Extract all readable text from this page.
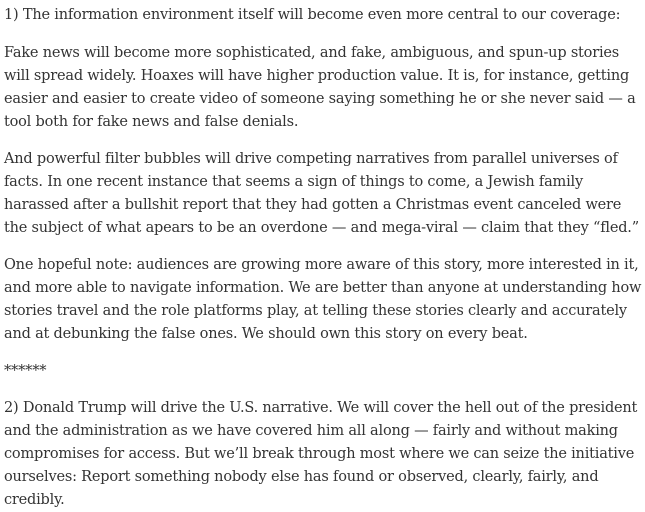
1) The information environment itself will become even more central to our coverage:

Fake news will become more sophisticated, and fake, ambiguous, and spun-up stories will spread widely. Hoaxes will have higher production value. It is, for instance, getting easier and easier to create video of someone saying something he or she never said — a tool both for fake news and false denials.

And powerful filter bubbles will drive competing narratives from parallel universes of facts. In one recent instance that seems a sign of things to come, a Jewish family harassed after a bullshit report that they had gotten a Christmas event canceled were the subject of what apears to be an overdone — and mega-viral — claim that they “fled.”

One hopeful note: audiences are growing more aware of this story, more interested in it, and more able to navigate information. We are better than anyone at understanding how stories travel and the role platforms play, at telling these stories clearly and accurately and at debunking the false ones. We should own this story on every beat.

******

2) Donald Trump will drive the U.S. narrative. We will cover the hell out of the president and the administration as we have covered him all along — fairly and without making compromises for access. But we’ll break through most where we can seize the initiative ourselves: Report something nobody else has found or observed, clearly, fairly, and credibly.
